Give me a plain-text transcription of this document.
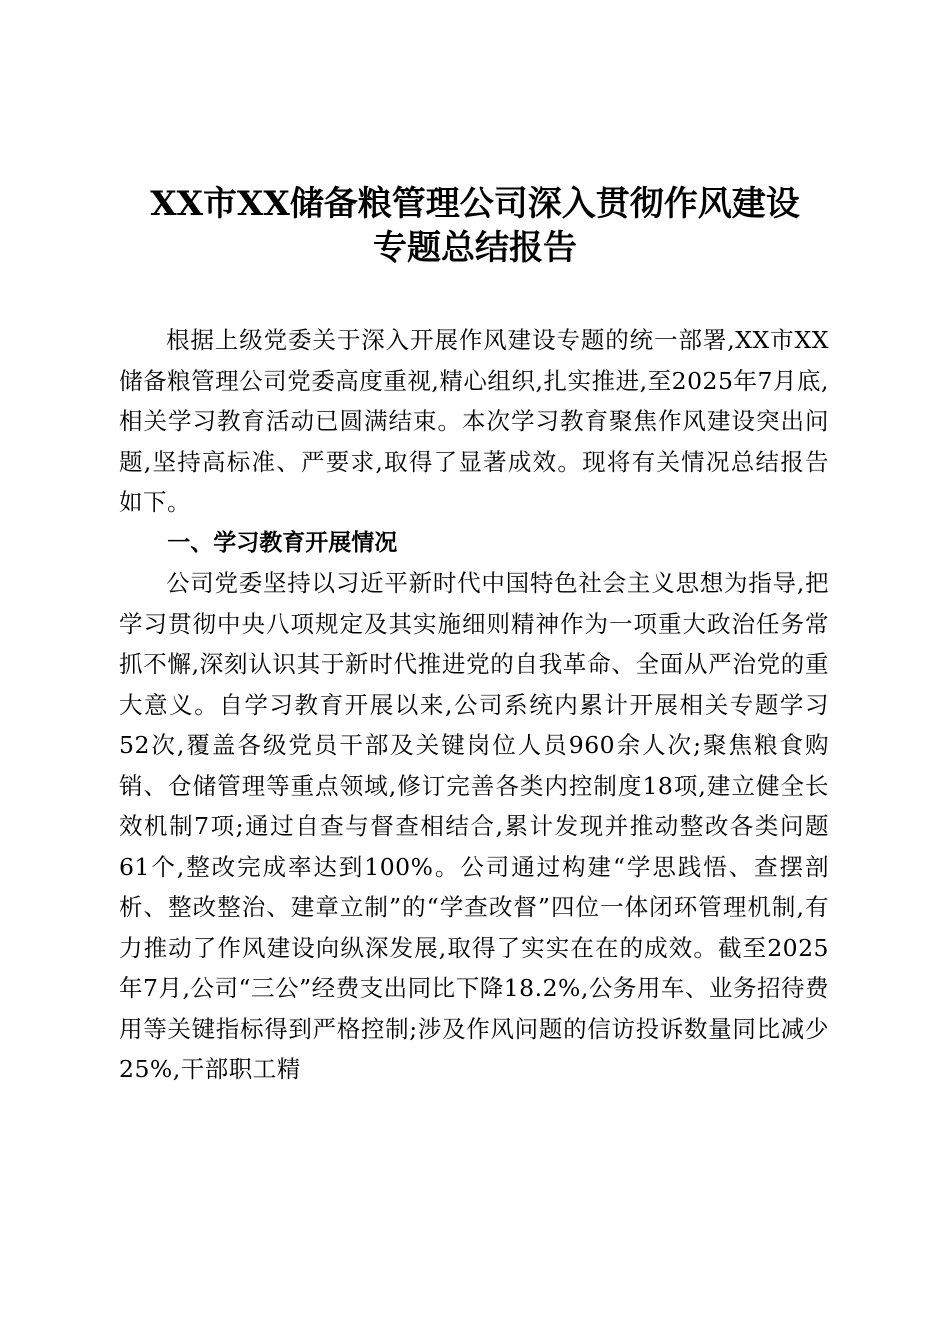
XX市XX储备粮管理公司深入贯彻作风建设
专题总结报告

根据上级党委关于深入开展作风建设专题的统一部署,XX市XX储备粮管理公司党委高度重视,精心组织,扎实推进,至2025年7月底,相关学习教育活动已圆满结束。本次学习教育聚焦作风建设突出问题,坚持高标准、严要求,取得了显著成效。现将有关情况总结报告如下。

一、学习教育开展情况

公司党委坚持以习近平新时代中国特色社会主义思想为指导,把学习贯彻中央八项规定及其实施细则精神作为一项重大政治任务常抓不懈,深刻认识其于新时代推进党的自我革命、全面从严治党的重大意义。自学习教育开展以来,公司系统内累计开展相关专题学习52次,覆盖各级党员干部及关键岗位人员960余人次;聚焦粮食购销、仓储管理等重点领域,修订完善各类内控制度18项,建立健全长效机制7项;通过自查与督查相结合,累计发现并推动整改各类问题61个,整改完成率达到100%。公司通过构建“学思践悟、查摆剖析、整改整治、建章立制”的“学查改督”四位一体闭环管理机制,有力推动了作风建设向纵深发展,取得了实实在在的成效。截至2025年7月,公司“三公”经费支出同比下降18.2%,公务用车、业务招待费用等关键指标得到严格控制;涉及作风问题的信访投诉数量同比减少25%,干部职工精
